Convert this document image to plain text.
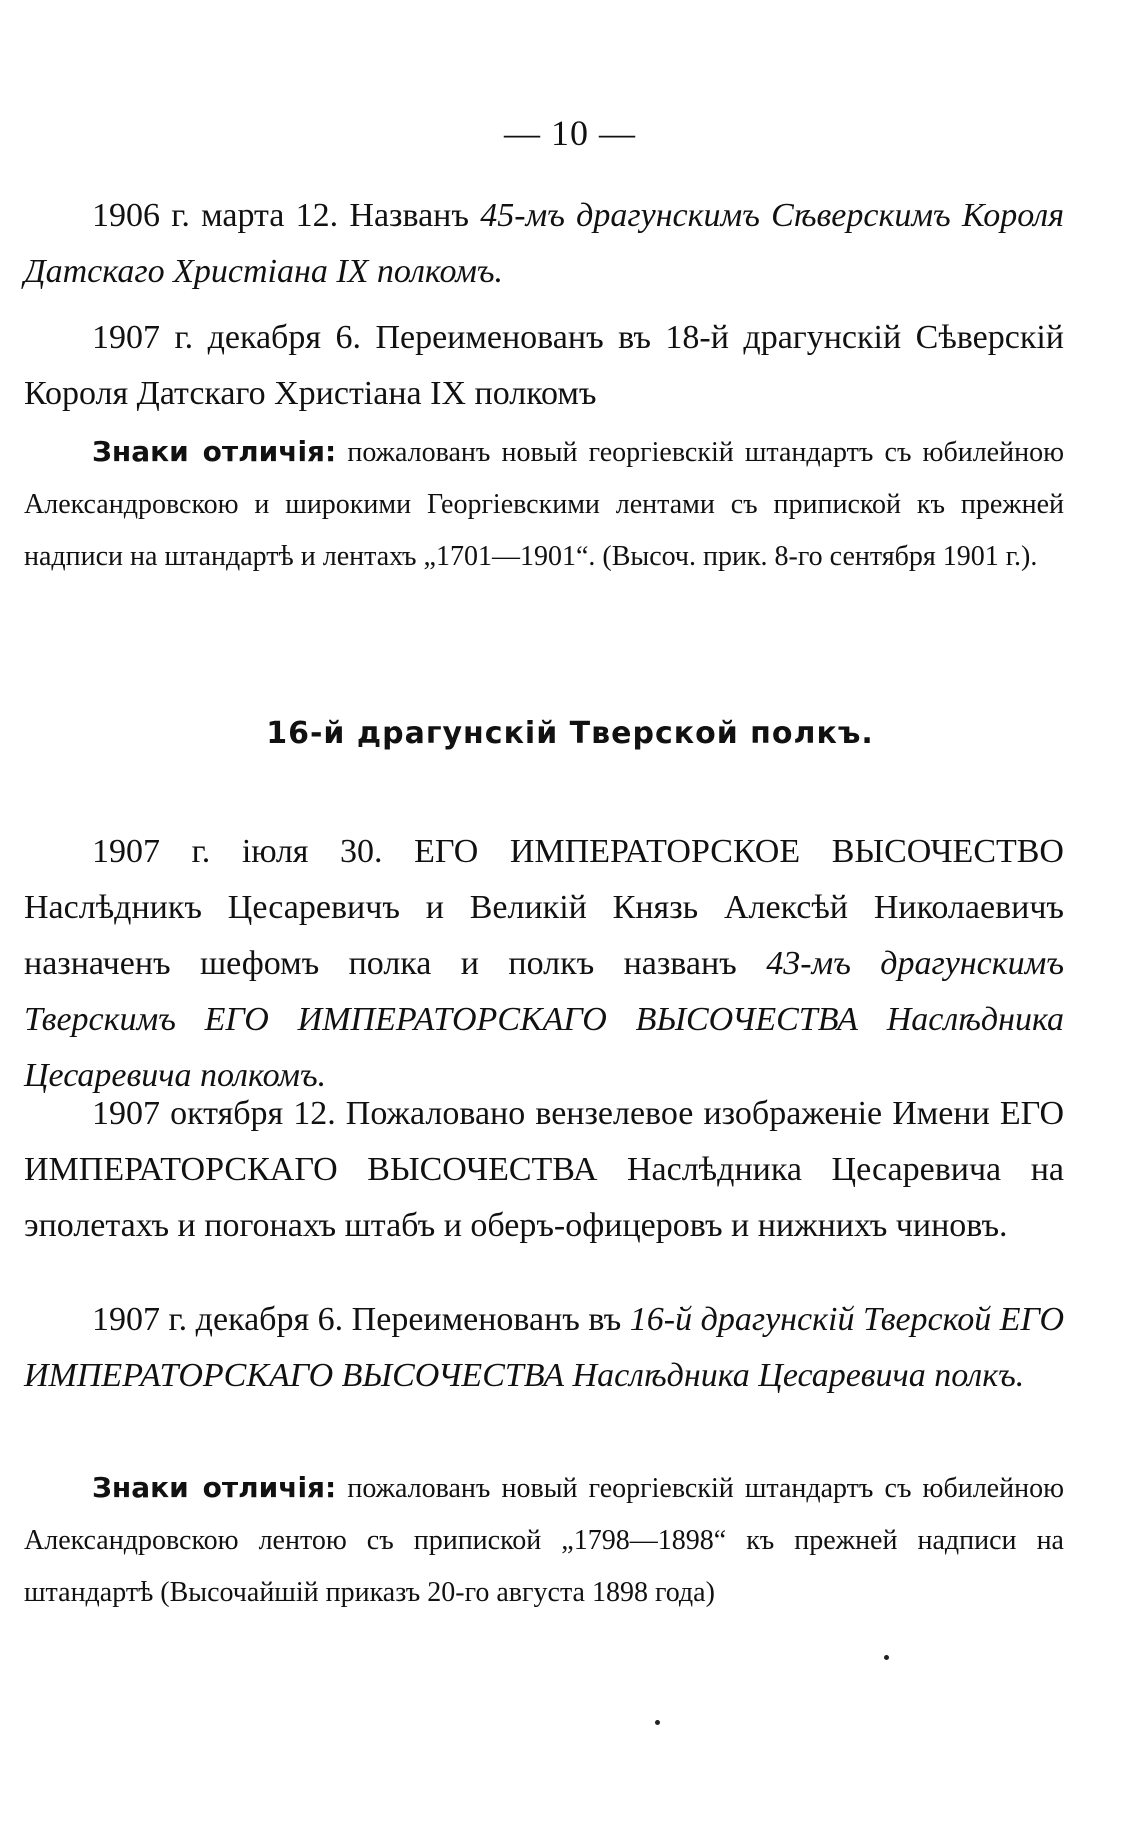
— 10 —
1906 г. марта 12. Названъ 45-мъ драгунскимъ Сѣверскимъ Короля Датскаго Христіана IX полкомъ.
1907 г. декабря 6. Переименованъ въ 18-й драгунскій Сѣверскій Короля Датскаго Христіана IX полкомъ
Знаки отличія: пожалованъ новый георгіевскій штандартъ съ юбилейною Александровскою и широкими Георгіевскими лентами съ припиской къ прежней надписи на штандартѣ и лентахъ „1701—1901“. (Высоч. прик. 8-го сентября 1901 г.).
16-й драгунскій Тверской полкъ.
1907 г. іюля 30. ЕГО ИМПЕРАТОРСКОЕ ВЫСОЧЕСТВО Наслѣдникъ Цесаревичъ и Великій Князь Алексѣй Николаевичъ назначенъ шефомъ полка и полкъ названъ 43-мъ драгунскимъ Тверскимъ ЕГО ИМПЕРАТОРСКАГО ВЫСОЧЕСТВА Наслѣдника Цесаревича полкомъ.
1907 октября 12. Пожаловано вензелевое изображеніе Имени ЕГО ИМПЕРАТОРСКАГО ВЫСОЧЕСТВА Наслѣдника Цесаревича на эполетахъ и погонахъ штабъ и оберъ-офицеровъ и нижнихъ чиновъ.
1907 г. декабря 6. Переименованъ въ 16-й драгунскій Тверской ЕГО ИМПЕРАТОРСКАГО ВЫСОЧЕСТВА Наслѣдника Цесаревича полкъ.
Знаки отличія: пожалованъ новый георгіевскій штандартъ съ юбилейною Александровскою лентою съ припиской „1798—1898“ къ прежней надписи на штандартѣ (Высочайшій приказъ 20-го августа 1898 года)
